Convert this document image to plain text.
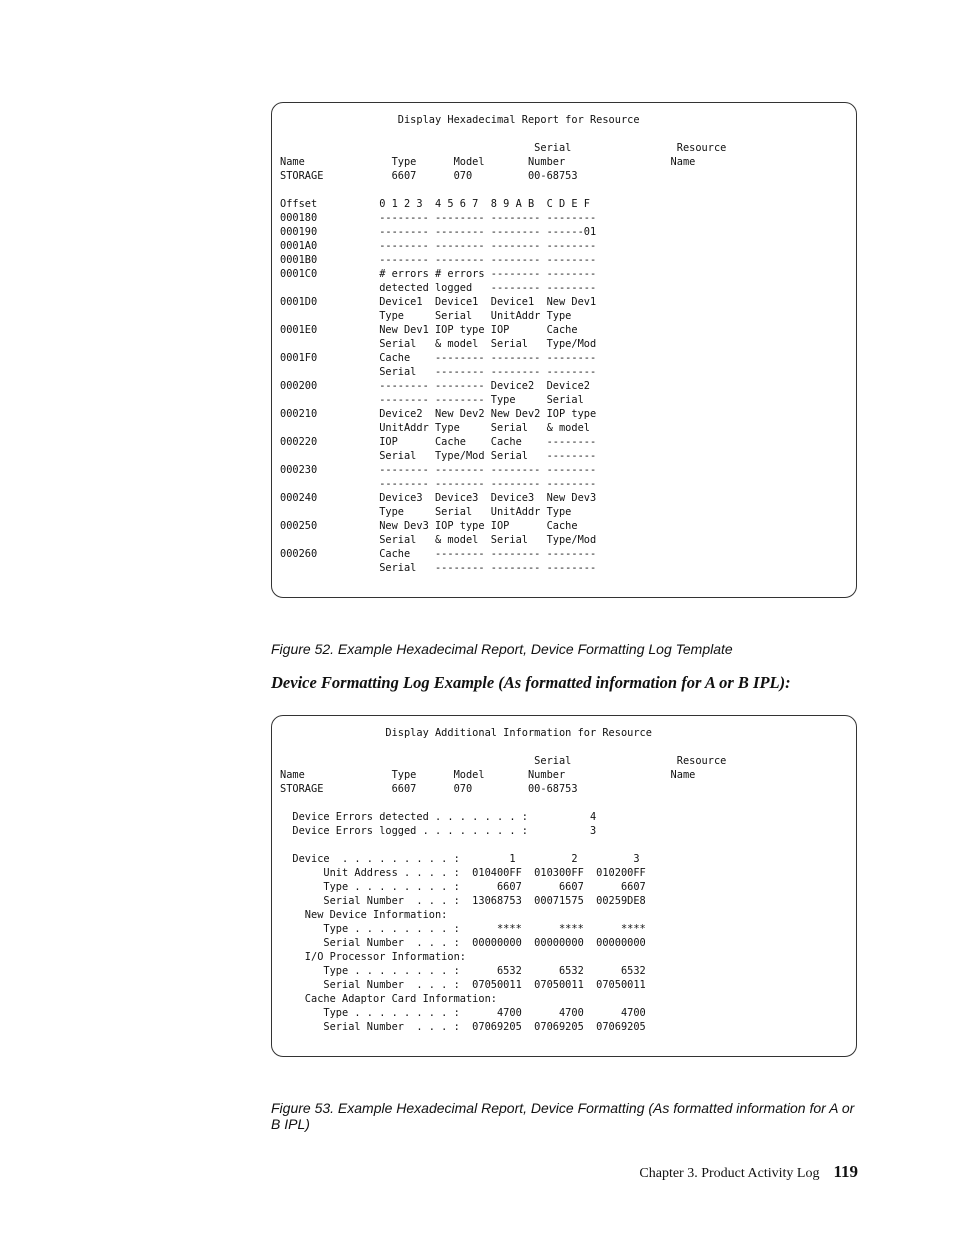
Display Hexadecimal Report for Resource

Serial                 Resource
Name              Type      Model       Number                 Name
STORAGE           6607      070         00-68753

Offset          0 1 2 3  4 5 6 7  8 9 A B  C D E F
000180          -------- -------- -------- --------
000190          -------- -------- -------- ------01
0001A0          -------- -------- -------- --------
0001B0          -------- -------- -------- --------
0001C0          # errors # errors -------- --------
detected logged   -------- --------
0001D0          Device1  Device1  Device1  New Dev1
Type     Serial   UnitAddr Type
0001E0          New Dev1 IOP type IOP      Cache
Serial   & model  Serial   Type/Mod
0001F0          Cache    -------- -------- --------
Serial   -------- -------- --------
000200          -------- -------- Device2  Device2
-------- -------- Type     Serial
000210          Device2  New Dev2 New Dev2 IOP type
UnitAddr Type     Serial   & model
000220          IOP      Cache    Cache    --------
Serial   Type/Mod Serial   --------
000230          -------- -------- -------- --------
-------- -------- -------- --------
000240          Device3  Device3  Device3  New Dev3
Type     Serial   UnitAddr Type
000250          New Dev3 IOP type IOP      Cache
Serial   & model  Serial   Type/Mod
000260          Cache    -------- -------- --------
Serial   -------- -------- --------
Figure 52. Example Hexadecimal Report, Device Formatting Log Template
Device Formatting Log Example (As formatted information for A or B IPL):
Display Additional Information for Resource

Serial                 Resource
Name              Type      Model       Number                 Name
STORAGE           6607      070         00-68753

Device Errors detected . . . . . . . :          4
Device Errors logged . . . . . . . . :          3

Device  . . . . . . . . . :        1         2         3
Unit Address . . . . :  010400FF  010300FF  010200FF
Type . . . . . . . . :      6607      6607      6607
Serial Number  . . . :  13068753  00071575  00259DE8
New Device Information:
Type . . . . . . . . :      ****      ****      ****
Serial Number  . . . :  00000000  00000000  00000000
I/O Processor Information:
Type . . . . . . . . :      6532      6532      6532
Serial Number  . . . :  07050011  07050011  07050011
Cache Adaptor Card Information:
Type . . . . . . . . :      4700      4700      4700
Serial Number  . . . :  07069205  07069205  07069205
Figure 53. Example Hexadecimal Report, Device Formatting (As formatted information for A or B IPL)
Chapter 3. Product Activity Log 119
